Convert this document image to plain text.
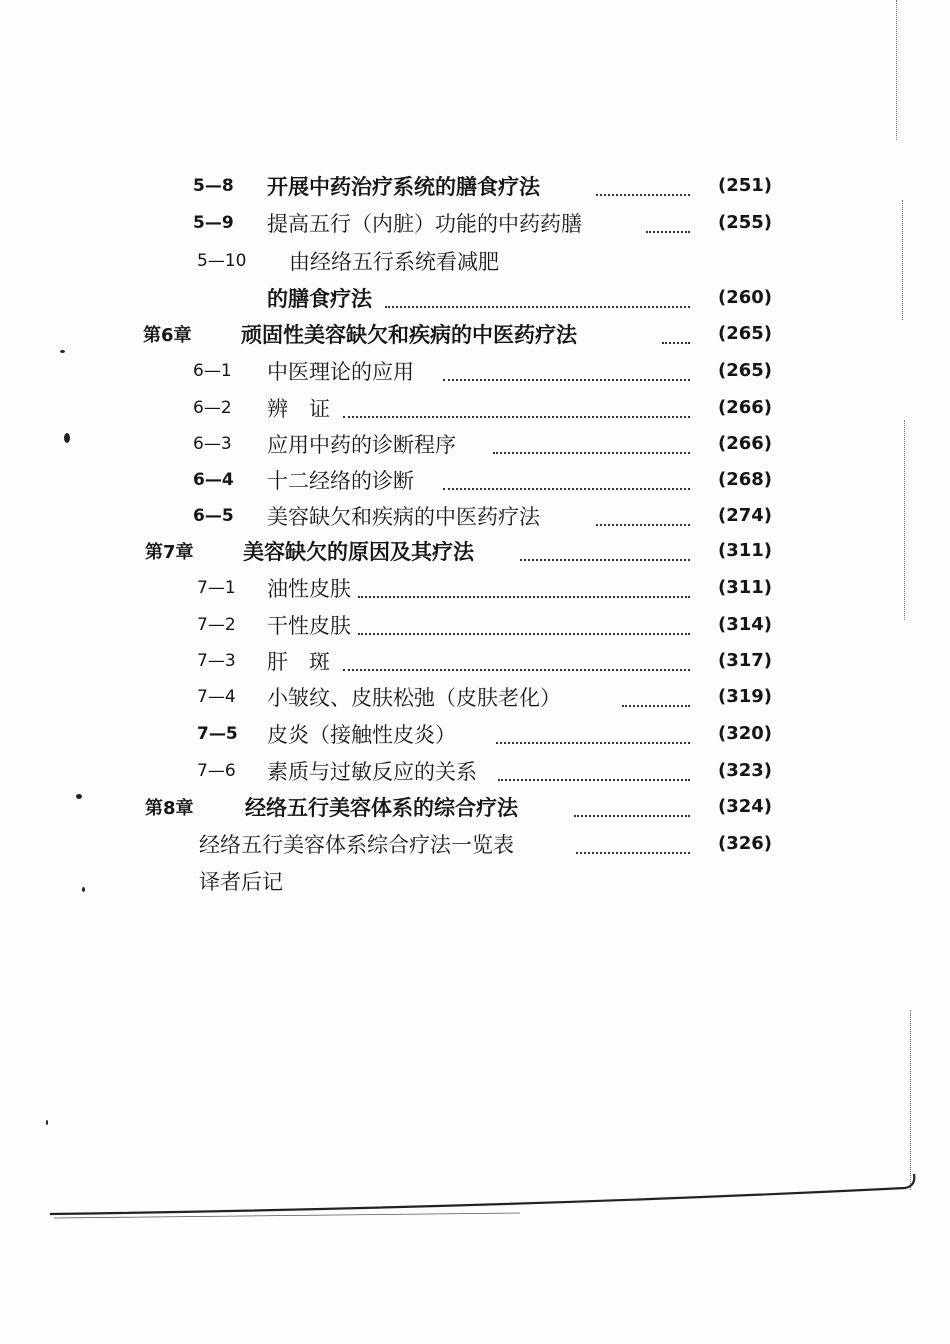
5—8	开展中药治疗系统的膳食疗法	(251)
5—9	提高五行（内脏）功能的中药药膳	(255)
5—10	由经络五行系统看减肥
的膳食疗法	(260)
第6章	顽固性美容缺欠和疾病的中医药疗法	(265)
6—1	中医理论的应用	(265)
6—2	辨　证	(266)
6—3	应用中药的诊断程序	(266)
6—4	十二经络的诊断	(268)
6—5	美容缺欠和疾病的中医药疗法	(274)
第7章	美容缺欠的原因及其疗法	(311)
7—1	油性皮肤	(311)
7—2	干性皮肤	(314)
7—3	肝　斑	(317)
7—4	小皱纹、皮肤松弛（皮肤老化）	(319)
7—5	皮炎（接触性皮炎）	(320)
7—6	素质与过敏反应的关系	(323)
第8章	经络五行美容体系的综合疗法	(324)
经络五行美容体系综合疗法一览表	(326)
译者后记
